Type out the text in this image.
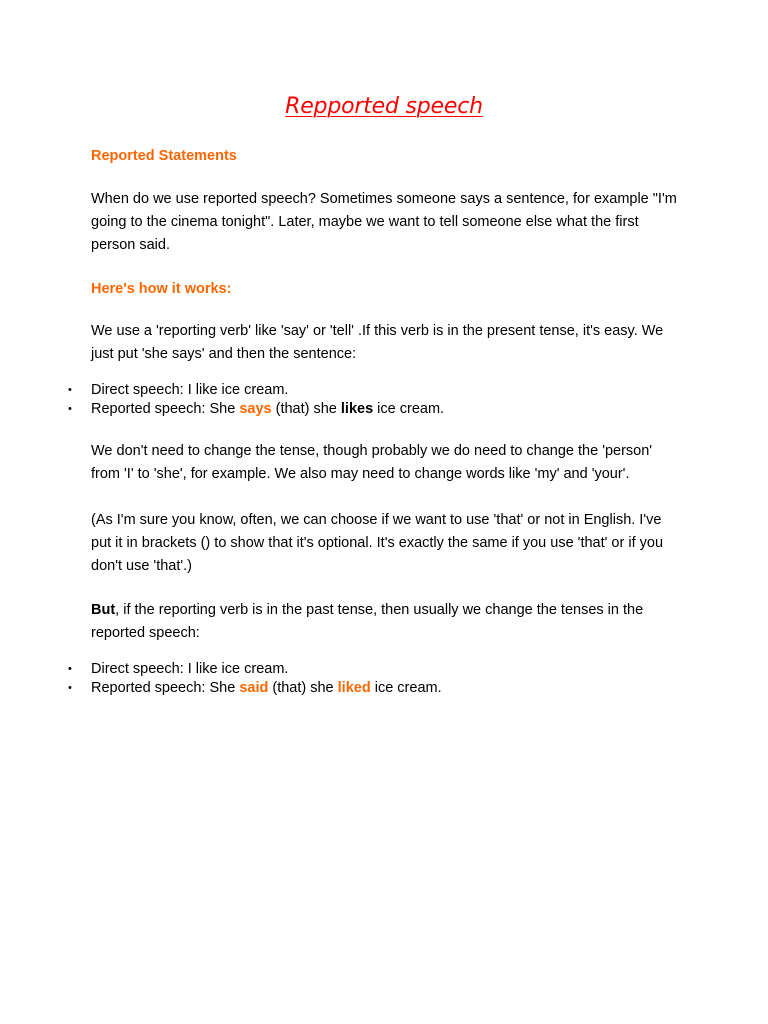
Repported speech

Reported Statements

When do we use reported speech? Sometimes someone says a sentence, for example "I'm going to the cinema tonight". Later, maybe we want to tell someone else what the first person said.

Here's how it works:

We use a 'reporting verb' like 'say' or 'tell' .If this verb is in the present tense, it's easy. We just put 'she says' and then the sentence:

• Direct speech: I like ice cream.
• Reported speech: She says (that) she likes ice cream.

We don't need to change the tense, though probably we do need to change the 'person' from 'I' to 'she', for example. We also may need to change words like 'my' and 'your'.

(As I'm sure you know, often, we can choose if we want to use 'that' or not in English. I've put it in brackets () to show that it's optional. It's exactly the same if you use 'that' or if you don't use 'that'.)

But, if the reporting verb is in the past tense, then usually we change the tenses in the reported speech:

• Direct speech: I like ice cream.
• Reported speech: She said (that) she liked ice cream.
